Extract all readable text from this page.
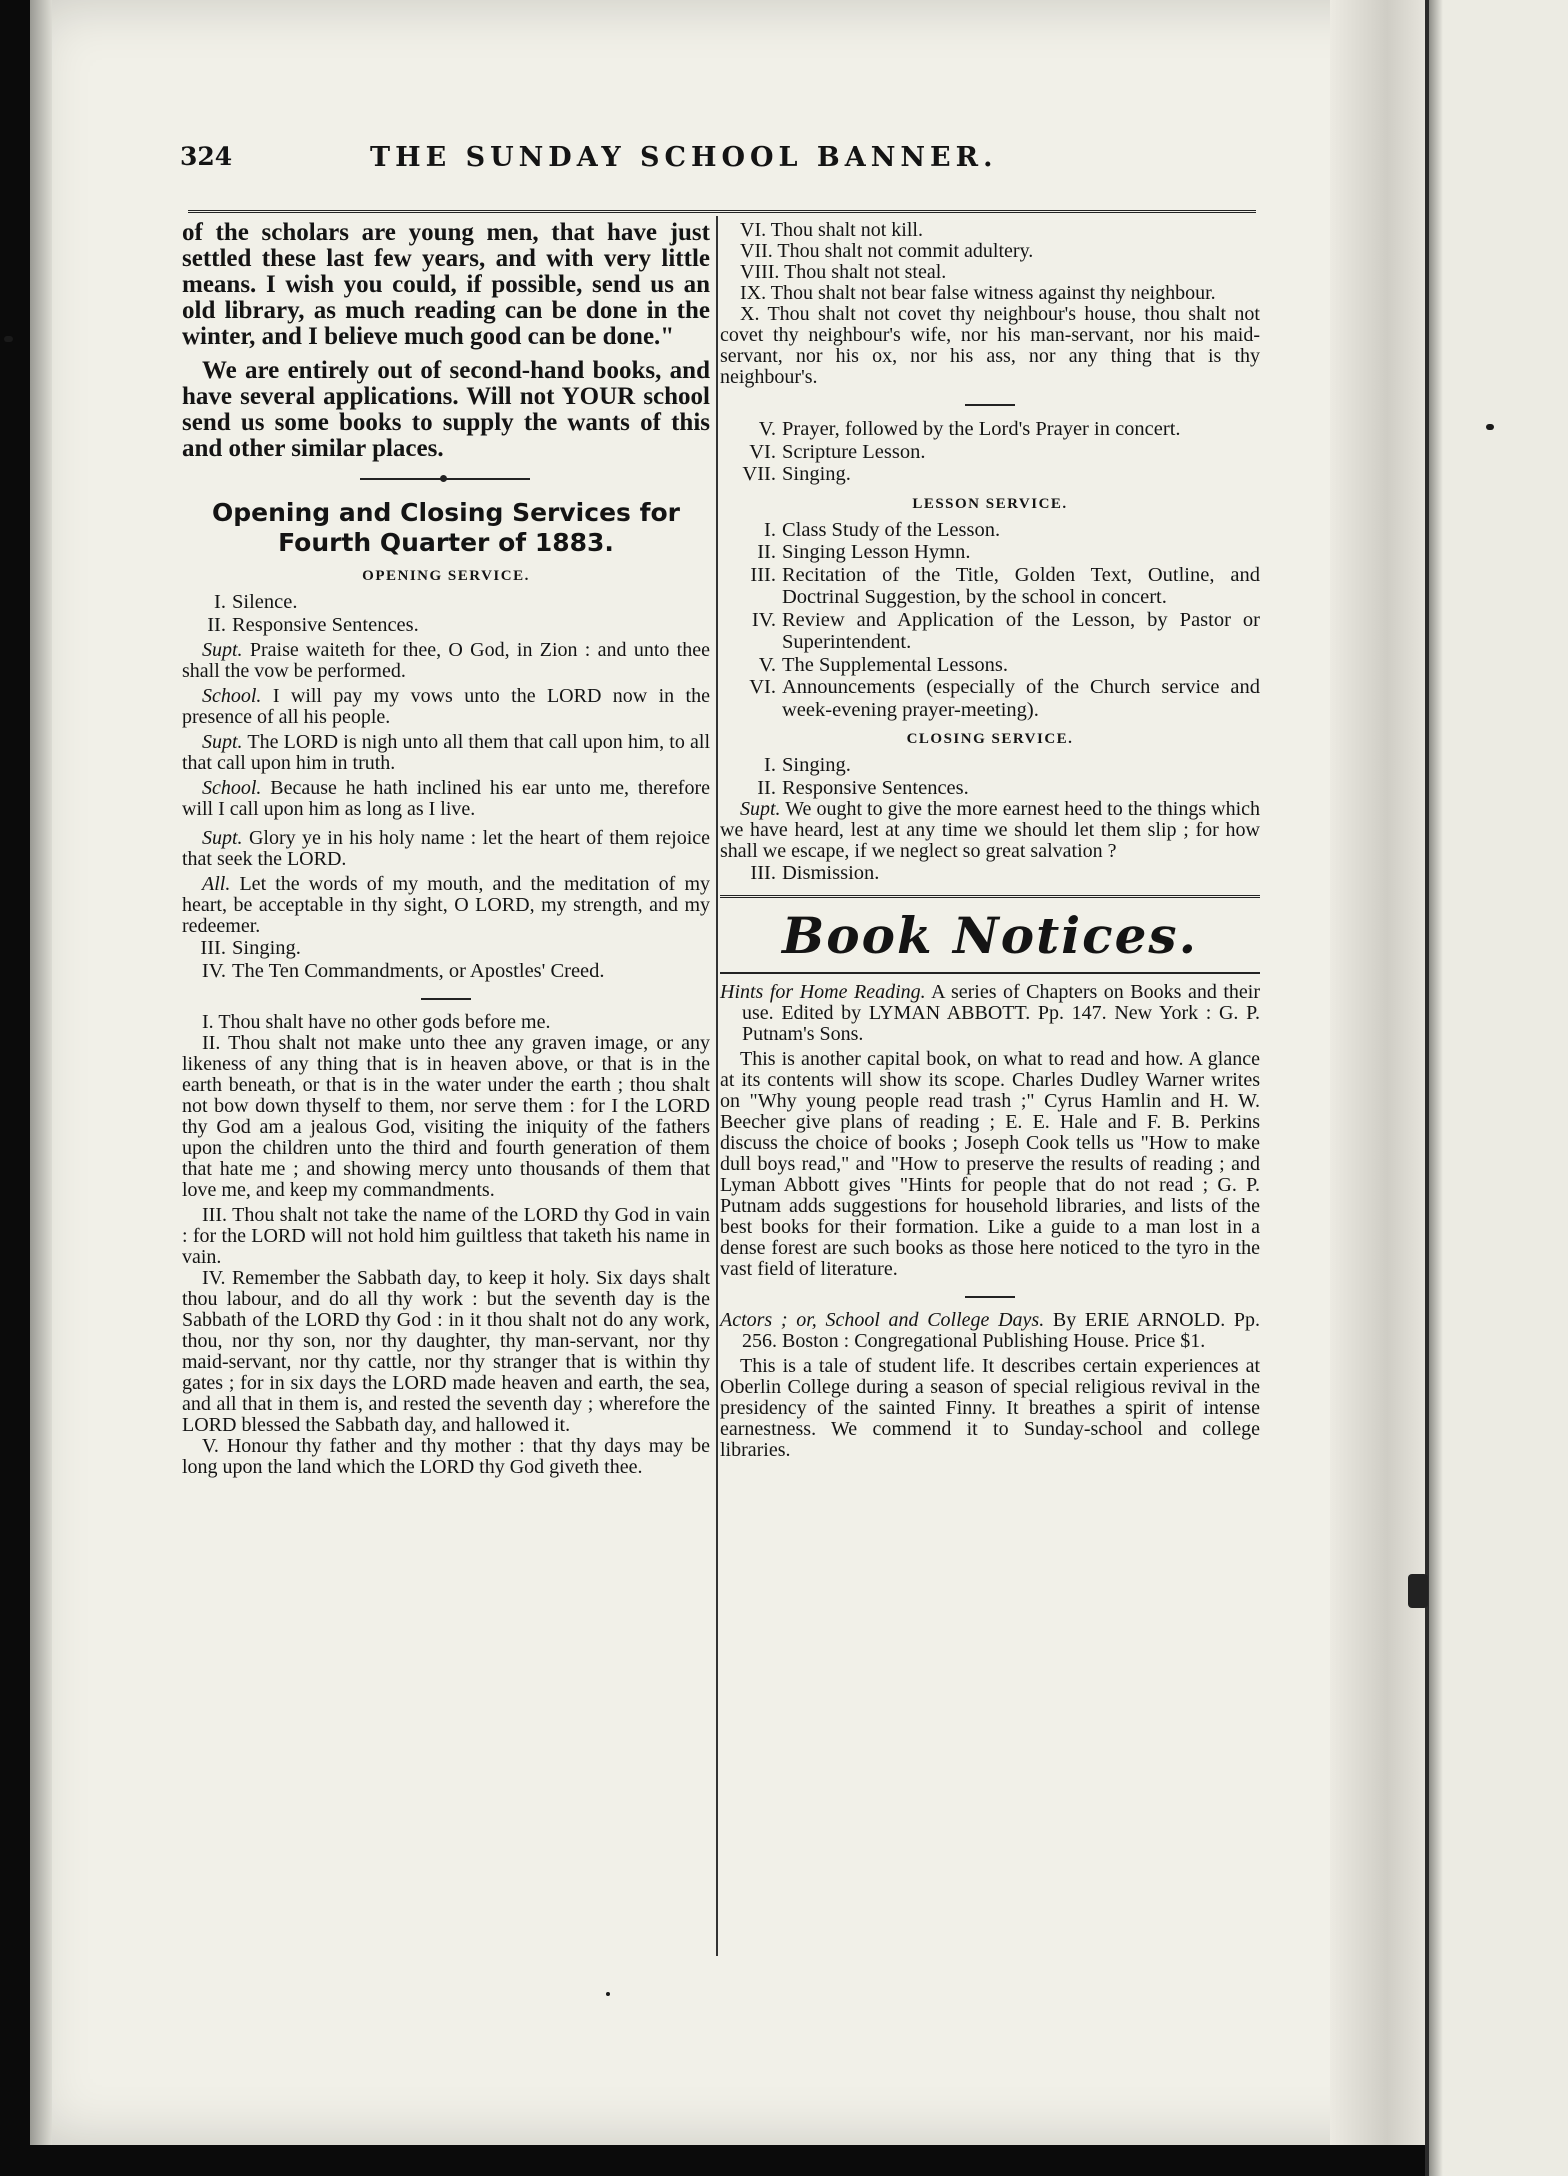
324	THE SUNDAY SCHOOL BANNER.

of the scholars are young men, that have just settled these last few years, and with very little means. I wish you could, if possible, send us an old library, as much reading can be done in the winter, and I believe much good can be done."

We are entirely out of second-hand books, and have several applications. Will not YOUR school send us some books to supply the wants of this and other similar places.

Opening and Closing Services for Fourth Quarter of 1883.

OPENING SERVICE.
I. Silence.
II. Responsive Sentences.

Supt. Praise waiteth for thee, O God, in Zion : and unto thee shall the vow be performed.

School. I will pay my vows unto the LORD now in the presence of all his people.

Supt. The LORD is nigh unto all them that call upon him, to all that call upon him in truth.

School. Because he hath inclined his ear unto me, therefore will I call upon him as long as I live.

Supt. Glory ye in his holy name : let the heart of them rejoice that seek the LORD.

All. Let the words of my mouth, and the meditation of my heart, be acceptable in thy sight, O LORD, my strength, and my redeemer.

III. Singing.
IV. The Ten Commandments, or Apostles' Creed.

I. Thou shalt have no other gods before me.

II. Thou shalt not make unto thee any graven image, or any likeness of any thing that is in heaven above, or that is in the earth beneath, or that is in the water under the earth ; thou shalt not bow down thyself to them, nor serve them : for I the LORD thy God am a jealous God, visiting the iniquity of the fathers upon the children unto the third and fourth generation of them that hate me ; and showing mercy unto thousands of them that love me, and keep my commandments.

III. Thou shalt not take the name of the LORD thy God in vain : for the LORD will not hold him guiltless that taketh his name in vain.

IV. Remember the Sabbath day, to keep it holy. Six days shalt thou labour, and do all thy work : but the seventh day is the Sabbath of the LORD thy God : in it thou shalt not do any work, thou, nor thy son, nor thy daughter, thy man-servant, nor thy maid-servant, nor thy cattle, nor thy stranger that is within thy gates ; for in six days the LORD made heaven and earth, the sea, and all that in them is, and rested the seventh day ; wherefore the LORD blessed the Sabbath day, and hallowed it.

V. Honour thy father and thy mother : that thy days may be long upon the land which the LORD thy God giveth thee.

VI. Thou shalt not kill.

VII. Thou shalt not commit adultery.

VIII. Thou shalt not steal.

IX. Thou shalt not bear false witness against thy neighbour.

X. Thou shalt not covet thy neighbour's house, thou shalt not covet thy neighbour's wife, nor his man-servant, nor his maid-servant, nor his ox, nor his ass, nor any thing that is thy neighbour's.

V. Prayer, followed by the Lord's Prayer in concert.
VI. Scripture Lesson.
VII. Singing.
LESSON SERVICE.
I. Class Study of the Lesson.
II. Singing Lesson Hymn.
III. Recitation of the Title, Golden Text, Outline, and Doctrinal Suggestion, by the school in concert.
IV. Review and Application of the Lesson, by Pastor or Superintendent.
V. The Supplemental Lessons.
VI. Announcements (especially of the Church service and week-evening prayer-meeting).
CLOSING SERVICE.
I. Singing.
II. Responsive Sentences.

Supt. We ought to give the more earnest heed to the things which we have heard, lest at any time we should let them slip ; for how shall we escape, if we neglect so great salvation ?

III. Dismission.
Book Notices.

Hints for Home Reading. A series of Chapters on Books and their use. Edited by LYMAN ABBOTT. Pp. 147. New York : G. P. Putnam's Sons.

This is another capital book, on what to read and how. A glance at its contents will show its scope. Charles Dudley Warner writes on "Why young people read trash ;" Cyrus Hamlin and H. W. Beecher give plans of reading ; E. E. Hale and F. B. Perkins discuss the choice of books ; Joseph Cook tells us "How to make dull boys read," and "How to preserve the results of reading ; and Lyman Abbott gives "Hints for people that do not read ; G. P. Putnam adds suggestions for household libraries, and lists of the best books for their formation. Like a guide to a man lost in a dense forest are such books as those here noticed to the tyro in the vast field of literature.

Actors ; or, School and College Days. By ERIE ARNOLD. Pp. 256. Boston : Congregational Publishing House. Price $1.

This is a tale of student life. It describes certain experiences at Oberlin College during a season of special religious revival in the presidency of the sainted Finny. It breathes a spirit of intense earnestness. We commend it to Sunday-school and college libraries.
